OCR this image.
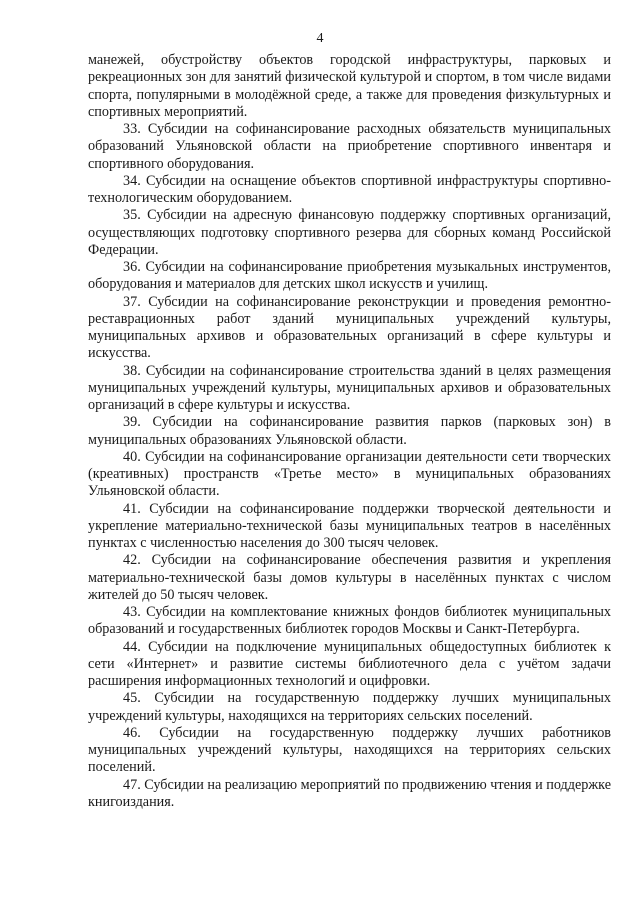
4

манежей, обустройству объектов городской инфраструктуры, парковых и рекреационных зон для занятий физической культурой и спортом, в том числе видами спорта, популярными в молодёжной среде, а также для проведения физкультурных и спортивных мероприятий.

33. Субсидии на софинансирование расходных обязательств муниципальных образований Ульяновской области на приобретение спортивного инвентаря и спортивного оборудования.

34. Субсидии на оснащение объектов спортивной инфраструктуры спортивно-технологическим оборудованием.

35. Субсидии на адресную финансовую поддержку спортивных организаций, осуществляющих подготовку спортивного резерва для сборных команд Российской Федерации.

36. Субсидии на софинансирование приобретения музыкальных инструментов, оборудования и материалов для детских школ искусств и училищ.

37. Субсидии на софинансирование реконструкции и проведения ремонтно-реставрационных работ зданий муниципальных учреждений культуры, муниципальных архивов и образовательных организаций в сфере культуры и искусства.

38. Субсидии на софинансирование строительства зданий в целях размещения муниципальных учреждений культуры, муниципальных архивов и образовательных организаций в сфере культуры и искусства.

39. Субсидии на софинансирование развития парков (парковых зон) в муниципальных образованиях Ульяновской области.

40. Субсидии на софинансирование организации деятельности сети творческих (креативных) пространств «Третье место» в муниципальных образованиях Ульяновской области.

41. Субсидии на софинансирование поддержки творческой деятельности и укрепление материально-технической базы муниципальных театров в населённых пунктах с численностью населения до 300 тысяч человек.

42. Субсидии на софинансирование обеспечения развития и укрепления материально-технической базы домов культуры в населённых пунктах с числом жителей до 50 тысяч человек.

43. Субсидии на комплектование книжных фондов библиотек муниципальных образований и государственных библиотек городов Москвы и Санкт-Петербурга.

44. Субсидии на подключение муниципальных общедоступных библиотек к сети «Интернет» и развитие системы библиотечного дела с учётом задачи расширения информационных технологий и оцифровки.

45. Субсидии на государственную поддержку лучших муниципальных учреждений культуры, находящихся на территориях сельских поселений.

46. Субсидии на государственную поддержку лучших работников муниципальных учреждений культуры, находящихся на территориях сельских поселений.

47. Субсидии на реализацию мероприятий по продвижению чтения и поддержке книгоиздания.
